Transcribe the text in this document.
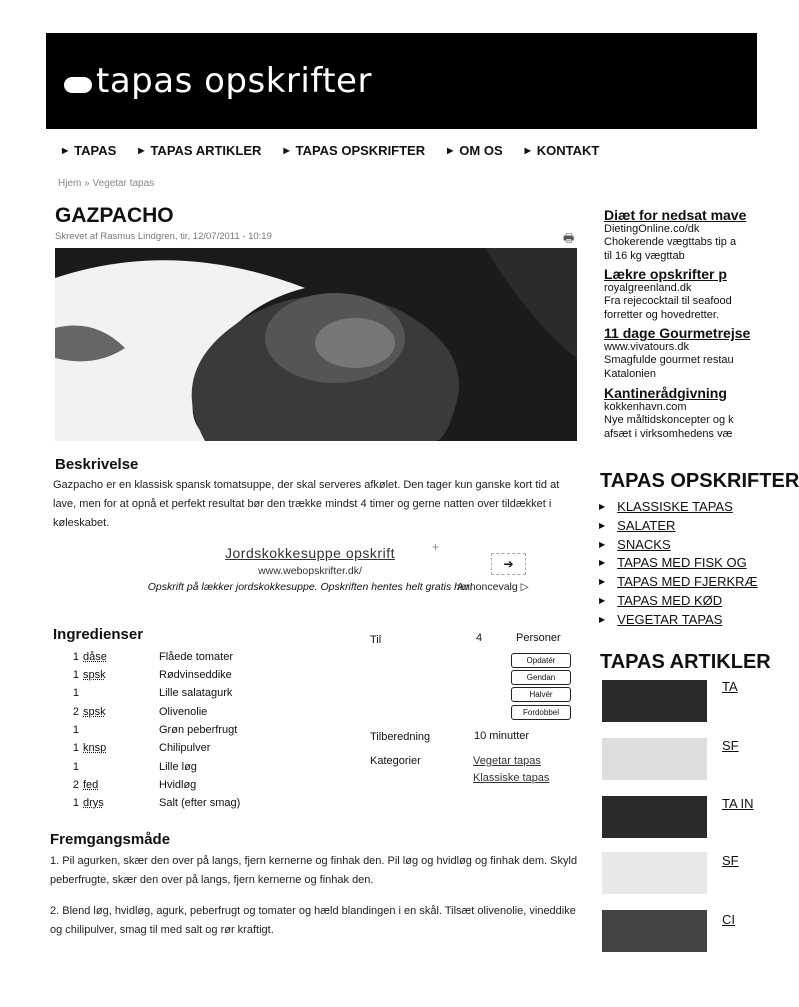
tapas opskrifter
▶ TAPAS	▶ TAPAS ARTIKLER	▶ TAPAS OPSKRIFTER	▶ OM OS	▶ KONTAKT
Hjem » Vegetar tapas
GAZPACHO
Skrevet af Rasmus Lindgren, tir, 12/07/2011 - 10:19	🖶
Beskrivelse
Gazpacho er en klassisk spansk tomatsuppe, der skal serveres afkølet. Den tager kun ganske kort tid at lave, men for at opnå et perfekt resultat bør den trække mindst 4 timer og gerne natten over tildækket i køleskabet.
+
Jordskokkesuppe opskrift
www.webopskrifter.dk/
Opskrift på lækker jordskokkesuppe. Opskriften hentes helt gratis her!
➔
Annoncevalg ▷
Ingredienser
1 dåse	Flåede tomater
1 spsk	Rødvinseddike
1	Lille salatagurk
2 spsk	Olivenolie
1	Grøn peberfrugt
1 knsp	Chilipulver
1	Lille løg
2 fed	Hvidløg
1 drys	Salt (efter smag)
Til	4	Personer
Opdatér
Gendan
Halvér
Fordobbel
Tilberedning	10 minutter
Kategorier	Vegetar tapas
Klassiske tapas
Fremgangsmåde
1. Pil agurken, skær den over på langs, fjern kernerne og finhak den. Pil løg og hvidløg og finhak dem. Skyld peberfrugte, skær den over på langs, fjern kernerne og finhak den.
2. Blend løg, hvidløg, agurk, peberfrugt og tomater og hæld blandingen i en skål. Tilsæt olivenolie, vineddike og chilipulver, smag til med salt og rør kraftigt.
Diæt for nedsat mave
DietingOnline.co/dk
Chokerende vægttabs tip a
til 16 kg vægttab
Lækre opskrifter p
royalgreenland.dk
Fra rejecocktail til seafood
forretter og hovedretter.
11 dage Gourmetrejse
www.vivatours.dk
Smagfulde gourmet restau
Katalonien
Kantinerådgivning
kokkenhavn.com
Nye måltidskoncepter og k
afsæt i virksomhedens væ
TAPAS OPSKRIFTER
▶ KLASSISKE TAPAS
▶ SALATER
▶ SNACKS
▶ TAPAS MED FISK OG
▶ TAPAS MED FJERKRÆ
▶ TAPAS MED KØD
▶ VEGETAR TAPAS
TAPAS ARTIKLER
TA
SF
TA IN
SF
CI
